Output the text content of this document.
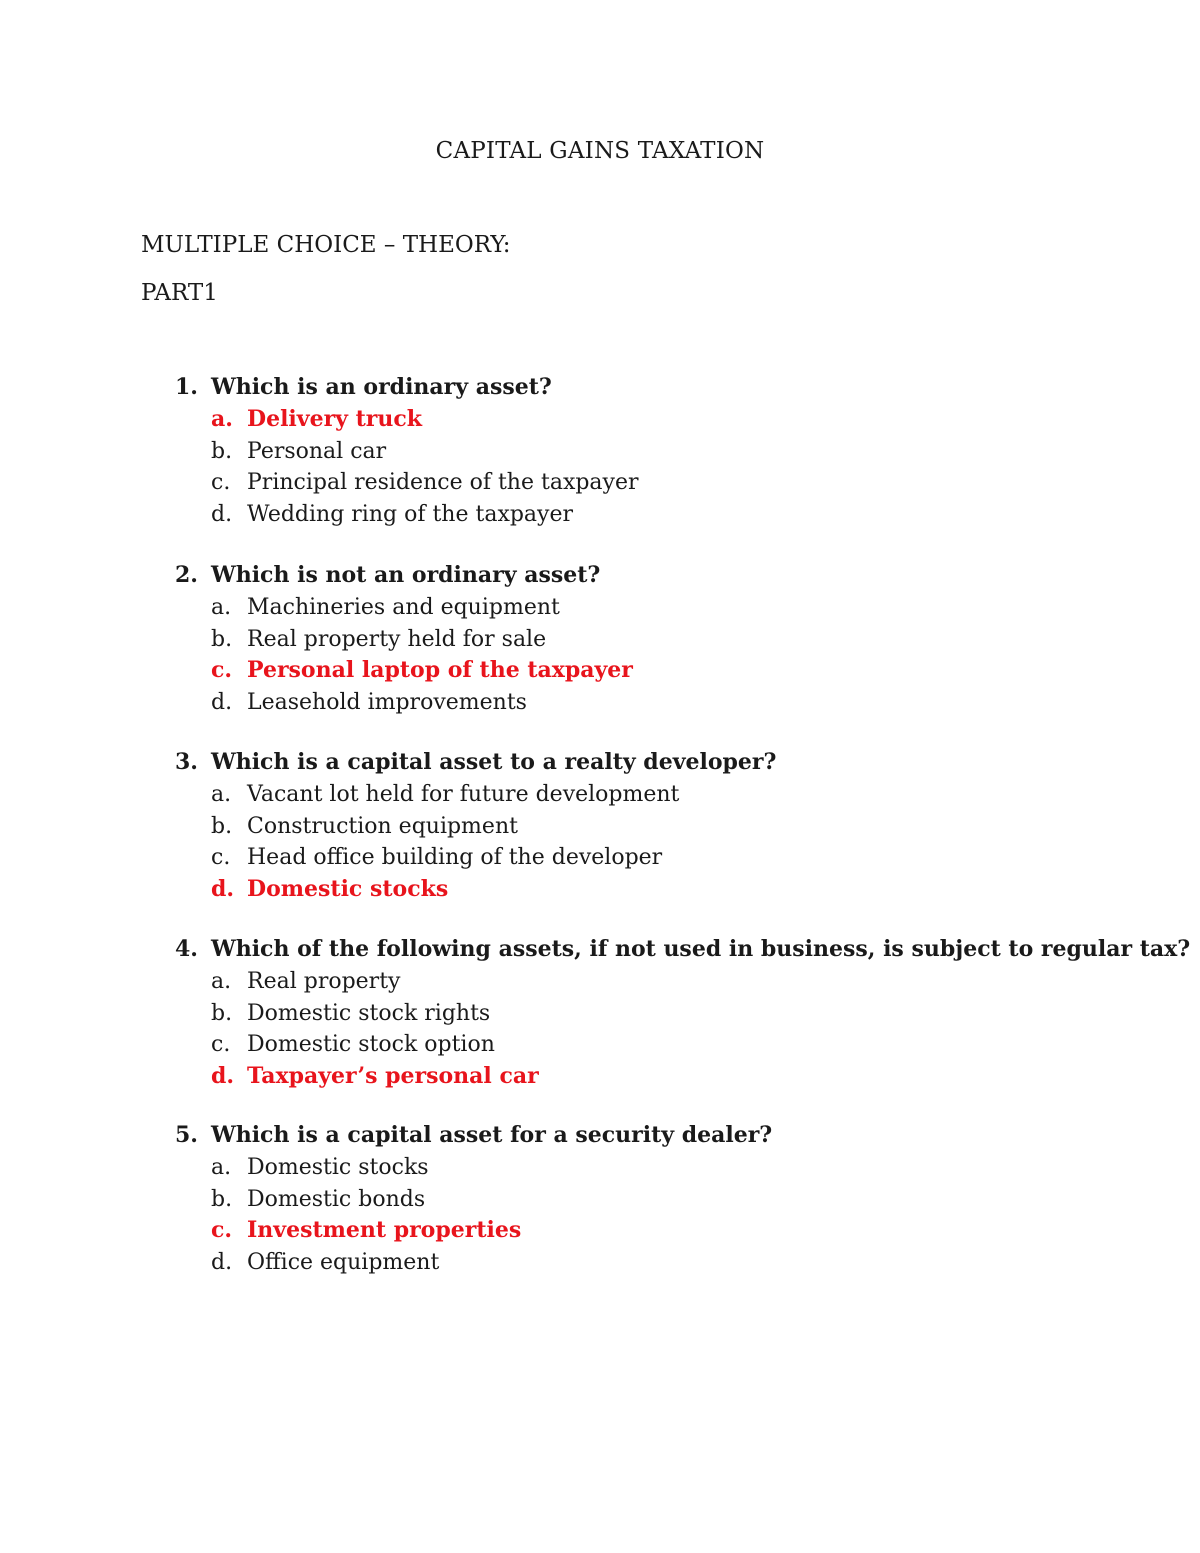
CAPITAL GAINS TAXATION
MULTIPLE CHOICE – THEORY:
PART1
1. Which is an ordinary asset?
a. Delivery truck
b. Personal car
c. Principal residence of the taxpayer
d. Wedding ring of the taxpayer
2. Which is not an ordinary asset?
a. Machineries and equipment
b. Real property held for sale
c. Personal laptop of the taxpayer
d. Leasehold improvements
3. Which is a capital asset to a realty developer?
a. Vacant lot held for future development
b. Construction equipment
c. Head office building of the developer
d. Domestic stocks
4. Which of the following assets, if not used in business, is subject to regular tax?
a. Real property
b. Domestic stock rights
c. Domestic stock option
d. Taxpayer’s personal car
5. Which is a capital asset for a security dealer?
a. Domestic stocks
b. Domestic bonds
c. Investment properties
d. Office equipment
